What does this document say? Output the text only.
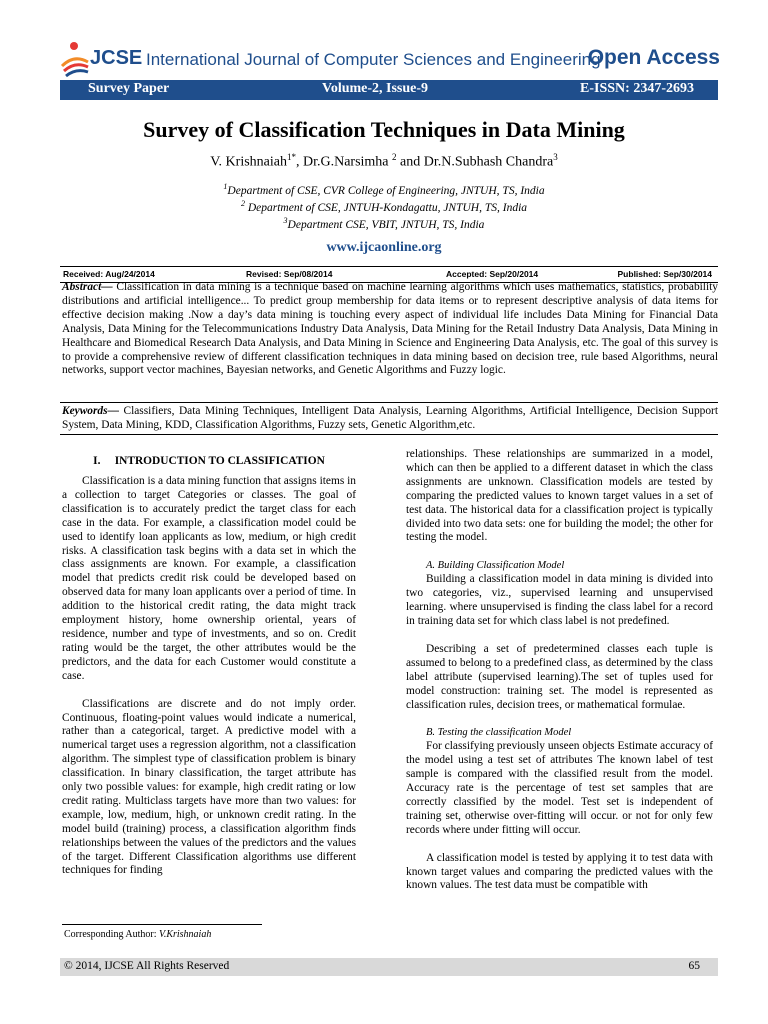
JCSE International Journal of Computer Sciences and Engineering
Open Access
Survey Paper	Volume-2, Issue-9	E-ISSN: 2347-2693
Survey of Classification Techniques in Data Mining
V. Krishnaiah$^{1*}$, Dr.G.Narsimha $^2$ and Dr.N.Subhash Chandra$^3$
$^1$Department of CSE, CVR College of Engineering, JNTUH, TS, India
$^2$ Department of CSE, JNTUH-Kondagattu, JNTUH, TS, India
$^3$Department CSE, VBIT, JNTUH, TS, India
www.ijcaonline.org
Received: Aug/24/2014	Revised: Sep/08/2014	Accepted: Sep/20/2014	Published: Sep/30/2014
Abstract— Classification in data mining is a technique based on machine learning algorithms which uses mathematics, statistics, probability distributions and artificial intelligence... To predict group membership for data items or to represent descriptive analysis of data items for effective decision making .Now a day’s data mining is touching every aspect of individual life includes Data Mining for Financial Data Analysis, Data Mining for the Telecommunications Industry Data Analysis, Data Mining for the Retail Industry Data Analysis, Data Mining in Healthcare and Biomedical Research Data Analysis, and Data Mining in Science and Engineering Data Analysis, etc. The goal of this survey is to provide a comprehensive review of different classification techniques in data mining based on decision tree, rule based Algorithms, neural networks, support vector machines, Bayesian networks, and Genetic Algorithms and Fuzzy logic.
Keywords— Classifiers, Data Mining Techniques, Intelligent Data Analysis, Learning Algorithms, Artificial Intelligence, Decision Support System, Data Mining, KDD, Classification Algorithms, Fuzzy sets, Genetic Algorithm,etc.
I. INTRODUCTION TO CLASSIFICATION

Classification is a data mining function that assigns items in a collection to target Categories or classes. The goal of classification is to accurately predict the target class for each case in the data. For example, a classification model could be used to identify loan applicants as low, medium, or high credit risks. A classification task begins with a data set in which the class assignments are known. For example, a classification model that predicts credit risk could be developed based on observed data for many loan applicants over a period of time. In addition to the historical credit rating, the data might track employment history, home ownership oriental, years of residence, number and type of investments, and so on. Credit rating would be the target, the other attributes would be the predictors, and the data for each Customer would constitute a case.

Classifications are discrete and do not imply order. Continuous, floating-point values would indicate a numerical, rather than a categorical, target. A predictive model with a numerical target uses a regression algorithm, not a classification algorithm. The simplest type of classification problem is binary classification. In binary classification, the target attribute has only two possible values: for example, high credit rating or low credit rating. Multiclass targets have more than two values: for example, low, medium, high, or unknown credit rating. In the model build (training) process, a classification algorithm finds relationships between the values of the predictors and the values of the target. Different Classification algorithms use different techniques for finding

relationships. These relationships are summarized in a model, which can then be applied to a different dataset in which the class assignments are unknown. Classification models are tested by comparing the predicted values to known target values in a set of test data. The historical data for a classification project is typically divided into two data sets: one for building the model; the other for testing the model.

A. Building Classification Model

Building a classification model in data mining is divided into two categories, viz., supervised learning and unsupervised learning. where unsupervised is finding the class label for a record in training data set for which class label is not predefined.

Describing a set of predetermined classes each tuple is assumed to belong to a predefined class, as determined by the class label attribute (supervised learning).The set of tuples used for model construction: training set. The model is represented as classification rules, decision trees, or mathematical formulae.

B. Testing the classification Model

For classifying previously unseen objects Estimate accuracy of the model using a test set of attributes The known label of test sample is compared with the classified result from the model. Accuracy rate is the percentage of test set samples that are correctly classified by the model. Test set is independent of training set, otherwise over-fitting will occur. or not for only few records where under fitting will occur.

A classification model is tested by applying it to test data with known target values and comparing the predicted values with the known values. The test data must be compatible with

Corresponding Author: V.Krishnaiah
© 2014, IJCSE All Rights Reserved	65
